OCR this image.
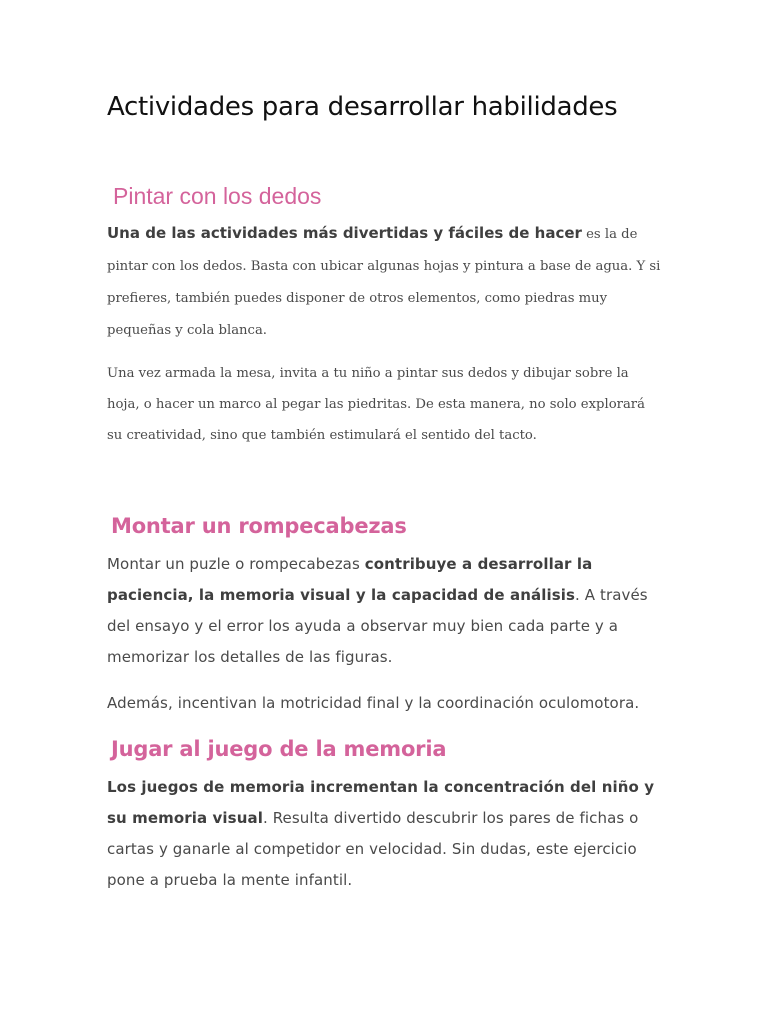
Actividades para desarrollar habilidades
Pintar con los dedos

Una de las actividades más divertidas y fáciles de hacer es la de pintar con los dedos. Basta con ubicar algunas hojas y pintura a base de agua. Y si prefieres, también puedes disponer de otros elementos, como piedras muy pequeñas y cola blanca.

Una vez armada la mesa, invita a tu niño a pintar sus dedos y dibujar sobre la hoja, o hacer un marco al pegar las piedritas. De esta manera, no solo explorará su creatividad, sino que también estimulará el sentido del tacto.

Montar un rompecabezas

Montar un puzle o rompecabezas contribuye a desarrollar la paciencia, la memoria visual y la capacidad de análisis. A través del ensayo y el error los ayuda a observar muy bien cada parte y a memorizar los detalles de las figuras.

Además, incentivan la motricidad final y la coordinación oculomotora.

Jugar al juego de la memoria

Los juegos de memoria incrementan la concentración del niño y su memoria visual. Resulta divertido descubrir los pares de fichas o cartas y ganarle al competidor en velocidad. Sin dudas, este ejercicio pone a prueba la mente infantil.
